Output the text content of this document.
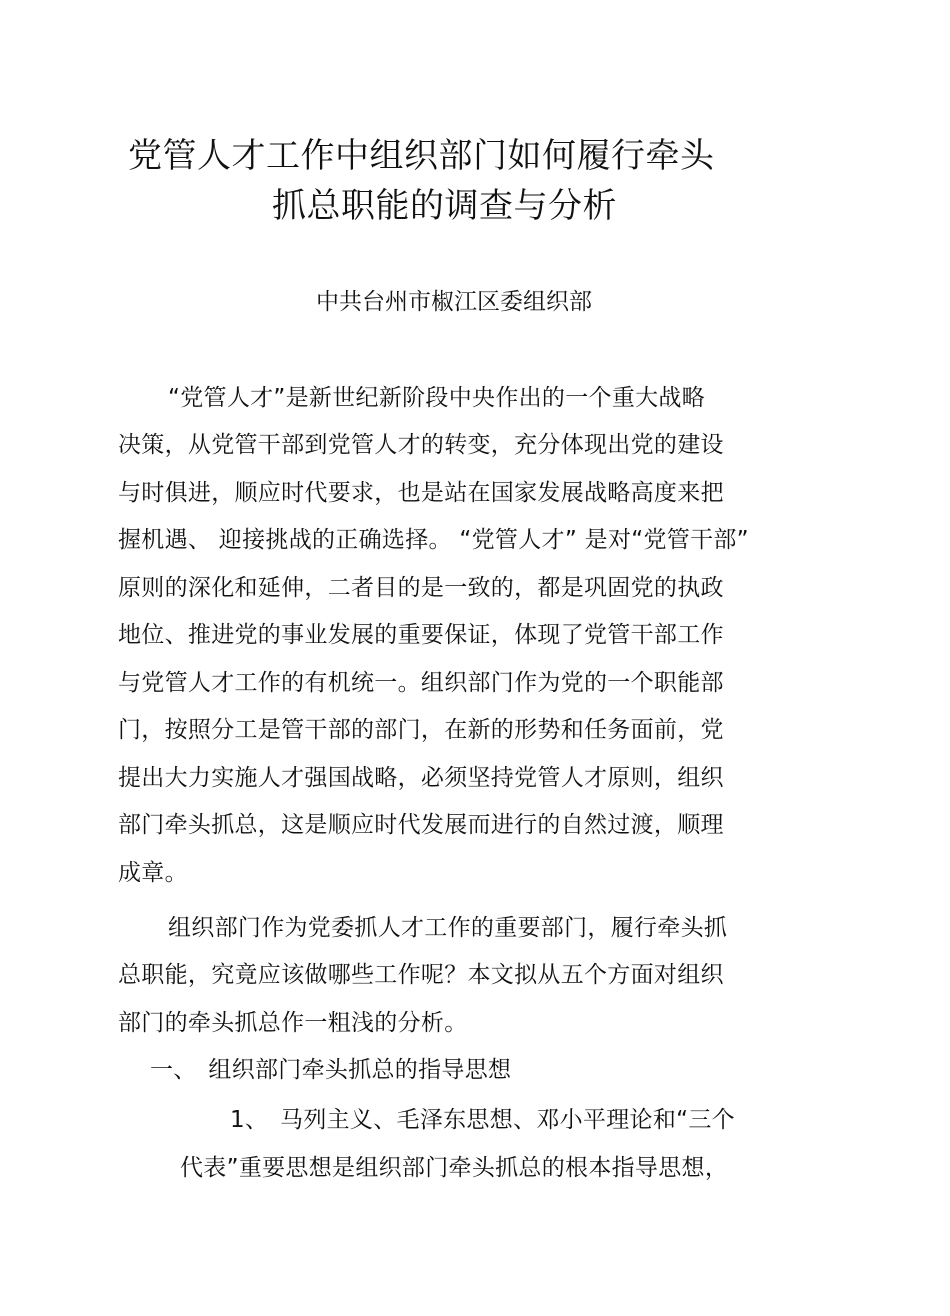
党管人才工作中组织部门如何履行牵头
抓总职能的调查与分析
中共台州市椒江区委组织部
“党管人才”是新世纪新阶段中央作出的一个重大战略
决策，从党管干部到党管人才的转变，充分体现出党的建设
与时俱进，顺应时代要求，也是站在国家发展战略高度来把
握机遇、 迎接挑战的正确选择。 “党管人才” 是对“党管干部”
原则的深化和延伸，二者目的是一致的，都是巩固党的执政
地位、推进党的事业发展的重要保证，体现了党管干部工作
与党管人才工作的有机统一。组织部门作为党的一个职能部
门，按照分工是管干部的部门，在新的形势和任务面前，党
提出大力实施人才强国战略，必须坚持党管人才原则，组织
部门牵头抓总，这是顺应时代发展而进行的自然过渡，顺理
成章。
组织部门作为党委抓人才工作的重要部门，履行牵头抓
总职能，究竟应该做哪些工作呢？本文拟从五个方面对组织
部门的牵头抓总作一粗浅的分析。
一、　组织部门牵头抓总的指导思想
1、　马列主义、毛泽东思想、邓小平理论和“三个
代表”重要思想是组织部门牵头抓总的根本指导思想，
